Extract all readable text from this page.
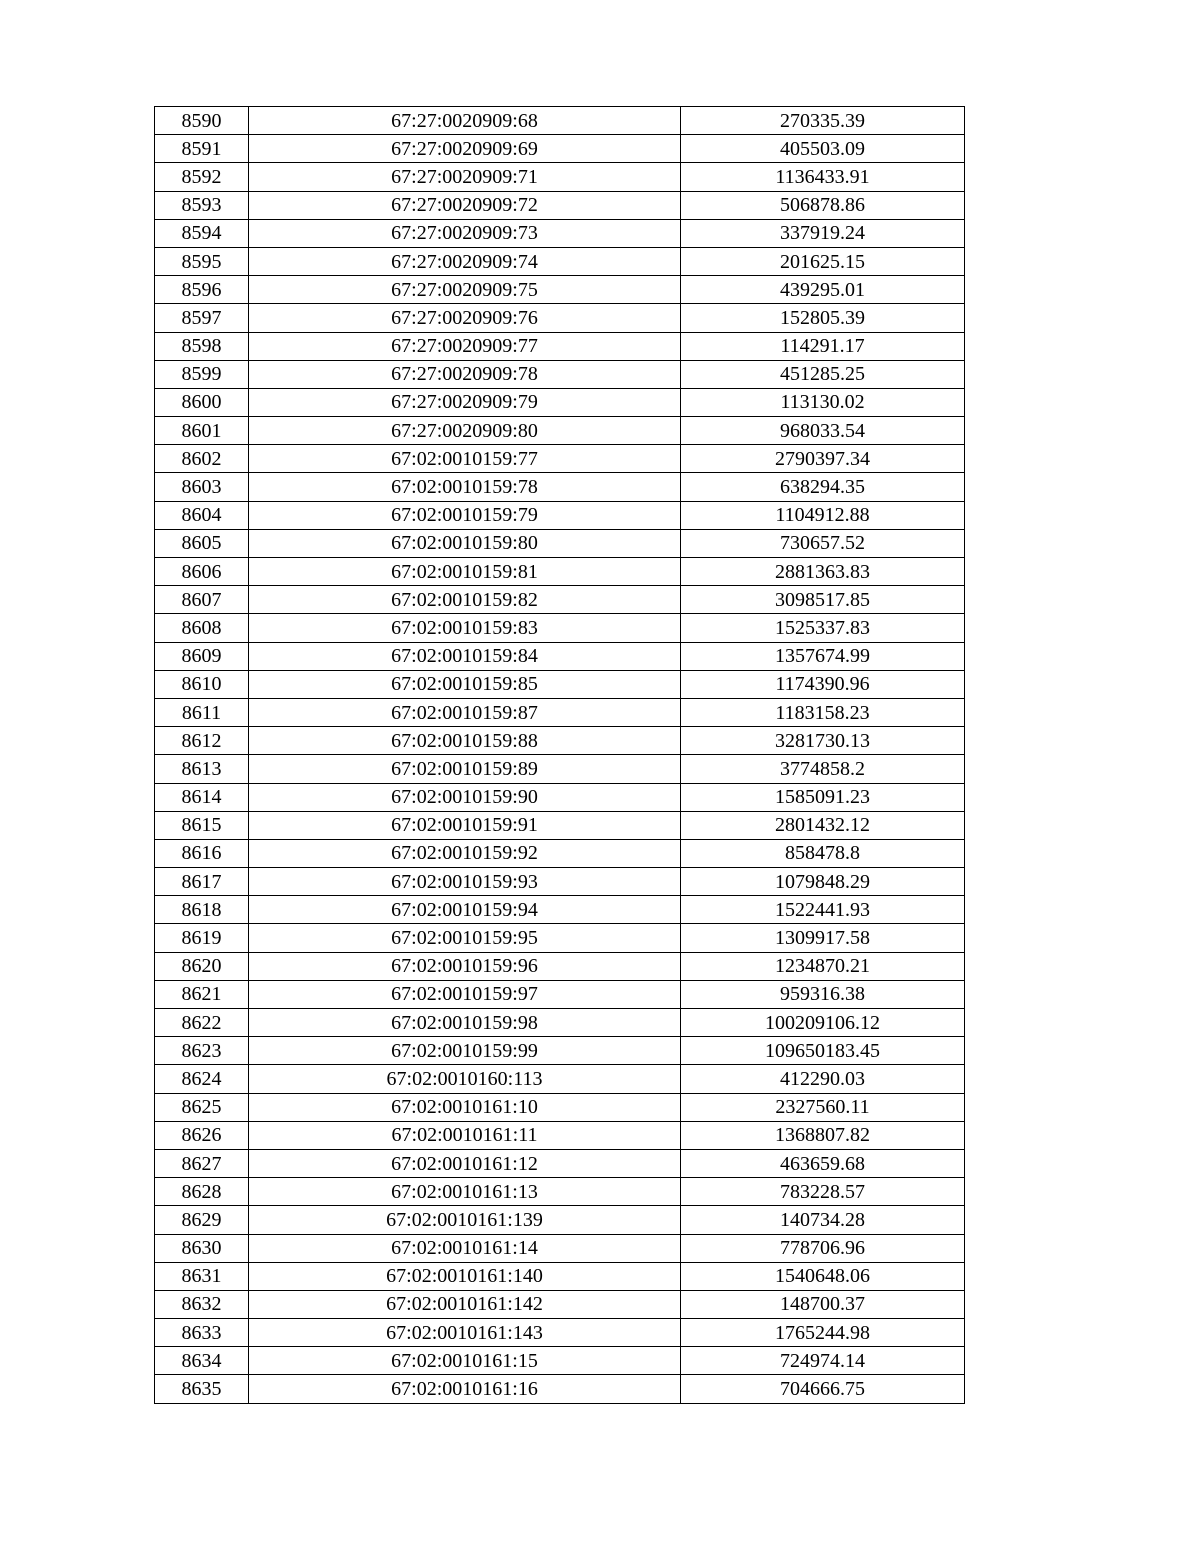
8590	67:27:0020909:68	270335.39
8591	67:27:0020909:69	405503.09
8592	67:27:0020909:71	1136433.91
8593	67:27:0020909:72	506878.86
8594	67:27:0020909:73	337919.24
8595	67:27:0020909:74	201625.15
8596	67:27:0020909:75	439295.01
8597	67:27:0020909:76	152805.39
8598	67:27:0020909:77	114291.17
8599	67:27:0020909:78	451285.25
8600	67:27:0020909:79	113130.02
8601	67:27:0020909:80	968033.54
8602	67:02:0010159:77	2790397.34
8603	67:02:0010159:78	638294.35
8604	67:02:0010159:79	1104912.88
8605	67:02:0010159:80	730657.52
8606	67:02:0010159:81	2881363.83
8607	67:02:0010159:82	3098517.85
8608	67:02:0010159:83	1525337.83
8609	67:02:0010159:84	1357674.99
8610	67:02:0010159:85	1174390.96
8611	67:02:0010159:87	1183158.23
8612	67:02:0010159:88	3281730.13
8613	67:02:0010159:89	3774858.2
8614	67:02:0010159:90	1585091.23
8615	67:02:0010159:91	2801432.12
8616	67:02:0010159:92	858478.8
8617	67:02:0010159:93	1079848.29
8618	67:02:0010159:94	1522441.93
8619	67:02:0010159:95	1309917.58
8620	67:02:0010159:96	1234870.21
8621	67:02:0010159:97	959316.38
8622	67:02:0010159:98	100209106.12
8623	67:02:0010159:99	109650183.45
8624	67:02:0010160:113	412290.03
8625	67:02:0010161:10	2327560.11
8626	67:02:0010161:11	1368807.82
8627	67:02:0010161:12	463659.68
8628	67:02:0010161:13	783228.57
8629	67:02:0010161:139	140734.28
8630	67:02:0010161:14	778706.96
8631	67:02:0010161:140	1540648.06
8632	67:02:0010161:142	148700.37
8633	67:02:0010161:143	1765244.98
8634	67:02:0010161:15	724974.14
8635	67:02:0010161:16	704666.75
